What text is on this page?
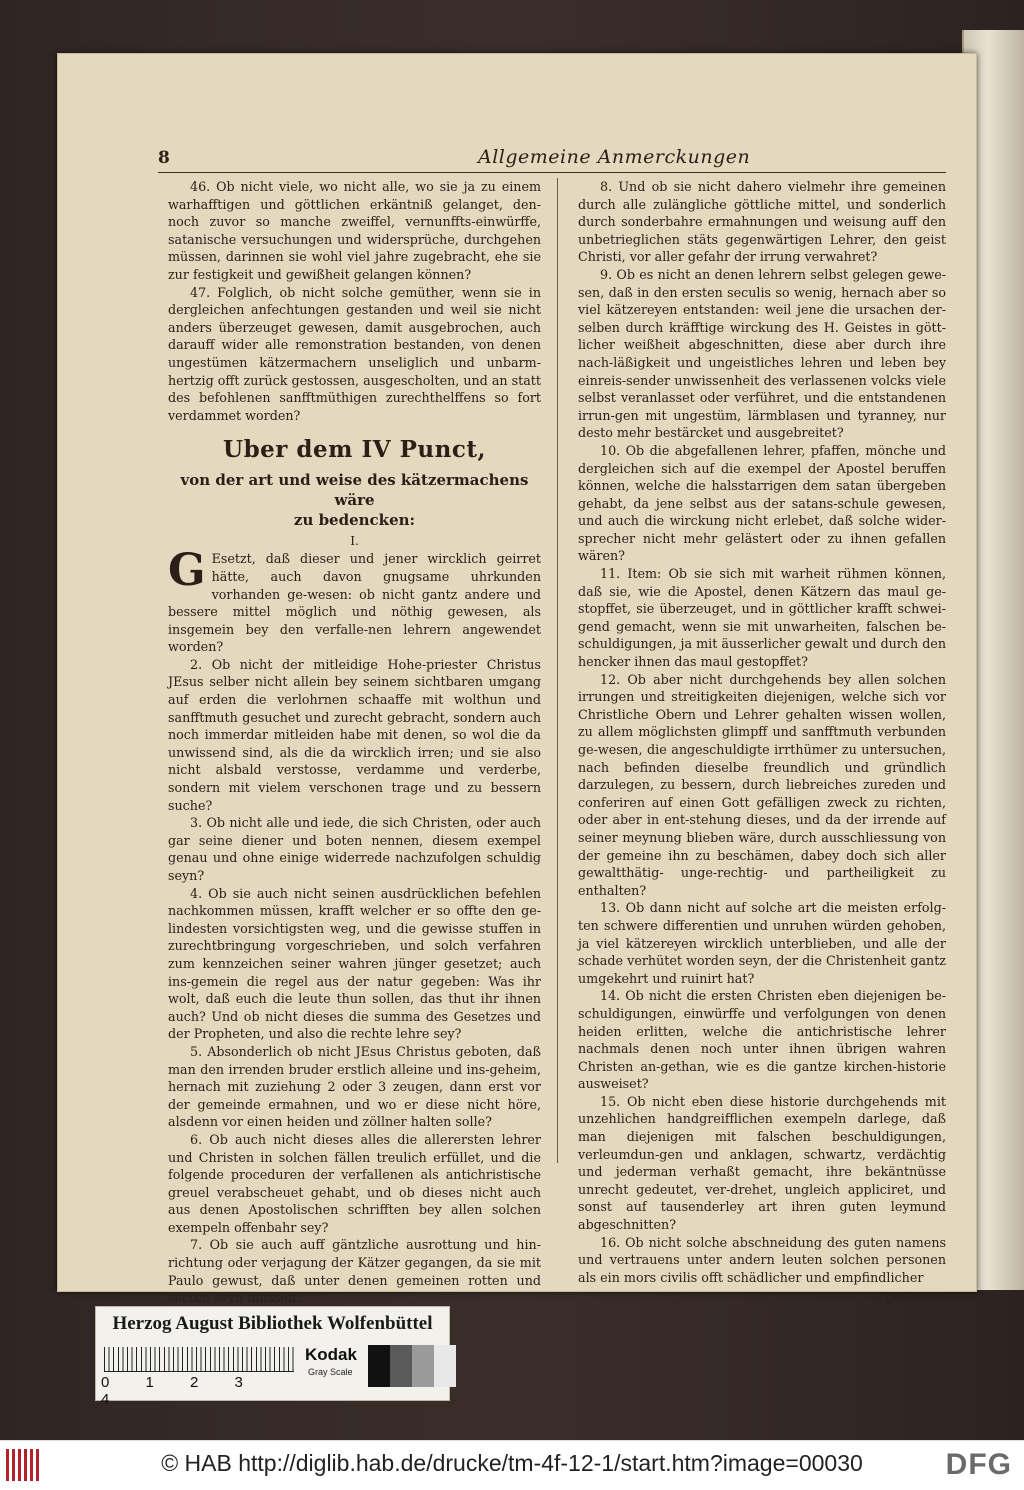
8	Allgemeine Anmerckungen

46. Ob nicht viele, wo nicht alle, wo sie ja zu einem warhafftigen und göttlichen erkäntniß gelanget, den-noch zuvor so manche zweiffel, vernunffts-einwürffe, satanische versuchungen und widersprüche, durchgehen müssen, darinnen sie wohl viel jahre zugebracht, ehe sie zur festigkeit und gewißheit gelangen können?

47. Folglich, ob nicht solche gemüther, wenn sie in dergleichen anfechtungen gestanden und weil sie nicht anders überzeuget gewesen, damit ausgebrochen, auch darauff wider alle remonstration bestanden, von denen ungestümen kätzermachern unseliglich und unbarm-hertzig offt zurück gestossen, ausgescholten, und an statt des befohlenen sanfftmüthigen zurechthelffens so fort verdammet worden?

Uber dem IV Punct,
von der art und weise des kätzermachens wäre
zu bedencken:
I.

G Esetzt, daß dieser und jener wircklich geirret hätte, auch davon gnugsame uhrkunden vorhanden ge-wesen: ob nicht gantz andere und bessere mittel möglich und nöthig gewesen, als insgemein bey den verfalle-nen lehrern angewendet worden?

2. Ob nicht der mitleidige Hohe-priester Christus JEsus selber nicht allein bey seinem sichtbaren umgang auf erden die verlohrnen schaaffe mit wolthun und sanfftmuth gesuchet und zurecht gebracht, sondern auch noch immerdar mitleiden habe mit denen, so wol die da unwissend sind, als die da wircklich irren; und sie also nicht alsbald verstosse, verdamme und verderbe, sondern mit vielem verschonen trage und zu bessern suche?

3. Ob nicht alle und iede, die sich Christen, oder auch gar seine diener und boten nennen, diesem exempel genau und ohne einige widerrede nachzufolgen schuldig seyn?

4. Ob sie auch nicht seinen ausdrücklichen befehlen nachkommen müssen, krafft welcher er so offte den ge-lindesten vorsichtigsten weg, und die gewisse stuffen in zurechtbringung vorgeschrieben, und solch verfahren zum kennzeichen seiner wahren jünger gesetzet; auch ins-gemein die regel aus der natur gegeben: Was ihr wolt, daß euch die leute thun sollen, das thut ihr ihnen auch? Und ob nicht dieses die summa des Gesetzes und der Propheten, und also die rechte lehre sey?

5. Absonderlich ob nicht JEsus Christus geboten, daß man den irrenden bruder erstlich alleine und ins-geheim, hernach mit zuziehung 2 oder 3 zeugen, dann erst vor der gemeinde ermahnen, und wo er diese nicht höre, alsdenn vor einen heiden und zöllner halten solle?

6. Ob auch nicht dieses alles die allerersten lehrer und Christen in solchen fällen treulich erfüllet, und die folgende proceduren der verfallenen als antichristische greuel verabscheuet gehabt, und ob dieses nicht auch aus denen Apostolischen schrifften bey allen solchen exempeln offenbahr sey?

7. Ob sie auch auff gäntzliche ausrottung und hin-richtung oder verjagung der Kätzer gegangen, da sie mit Paulo gewust, daß unter denen gemeinen rotten und secten seyn müssen?

8. Und ob sie nicht dahero vielmehr ihre gemeinen durch alle zulängliche göttliche mittel, und sonderlich durch sonderbahre ermahnungen und weisung auff den unbetrieglichen stäts gegenwärtigen Lehrer, den geist Christi, vor aller gefahr der irrung verwahret?

9. Ob es nicht an denen lehrern selbst gelegen gewe-sen, daß in den ersten seculis so wenig, hernach aber so viel kätzereyen entstanden: weil jene die ursachen der-selben durch kräfftige wirckung des H. Geistes in gött-licher weißheit abgeschnitten, diese aber durch ihre nach-läßigkeit und ungeistliches lehren und leben bey einreis-sender unwissenheit des verlassenen volcks viele selbst veranlasset oder verführet, und die entstandenen irrun-gen mit ungestüm, lärmblasen und tyranney, nur desto mehr bestärcket und ausgebreitet?

10. Ob die abgefallenen lehrer, pfaffen, mönche und dergleichen sich auf die exempel der Apostel beruffen können, welche die halsstarrigen dem satan übergeben gehabt, da jene selbst aus der satans-schule gewesen, und auch die wirckung nicht erlebet, daß solche wider-sprecher nicht mehr gelästert oder zu ihnen gefallen wären?

11. Item: Ob sie sich mit warheit rühmen können, daß sie, wie die Apostel, denen Kätzern das maul ge-stopffet, sie überzeuget, und in göttlicher krafft schwei-gend gemacht, wenn sie mit unwarheiten, falschen be-schuldigungen, ja mit äusserlicher gewalt und durch den hencker ihnen das maul gestopffet?

12. Ob aber nicht durchgehends bey allen solchen irrungen und streitigkeiten diejenigen, welche sich vor Christliche Obern und Lehrer gehalten wissen wollen, zu allem möglichsten glimpff und sanfftmuth verbunden ge-wesen, die angeschuldigte irrthümer zu untersuchen, nach befinden dieselbe freundlich und gründlich darzulegen, zu bessern, durch liebreiches zureden und conferiren auf einen Gott gefälligen zweck zu richten, oder aber in ent-stehung dieses, und da der irrende auf seiner meynung blieben wäre, durch ausschliessung von der gemeine ihn zu beschämen, dabey doch sich aller gewaltthätig- unge-rechtig- und partheiligkeit zu enthalten?

13. Ob dann nicht auf solche art die meisten erfolg-ten schwere differentien und unruhen würden gehoben, ja viel kätzereyen wircklich unterblieben, und alle der schade verhütet worden seyn, der die Christenheit gantz umgekehrt und ruinirt hat?

14. Ob nicht die ersten Christen eben diejenigen be-schuldigungen, einwürffe und verfolgungen von denen heiden erlitten, welche die antichristische lehrer nachmals denen noch unter ihnen übrigen wahren Christen an-gethan, wie es die gantze kirchen-historie ausweiset?

15. Ob nicht eben diese historie durchgehends mit unzehlichen handgreifflichen exempeln darlege, daß man diejenigen mit falschen beschuldigungen, verleumdun-gen und anklagen, schwartz, verdächtig und jederman verhaßt gemacht, ihre bekäntnüsse unrecht gedeutet, ver-drehet, ungleich appliciret, und sonst auf tausenderley art ihren guten leymund abgeschnitten?

16. Ob nicht solche abschneidung des guten namens und vertrauens unter andern leuten solchen personen als ein mors civilis offt schädlicher und empfindlicher

gewesen,
Herzog August Bibliothek Wolfenbüttel
0 1 2 34
Kodak
Gray Scale
© HAB http://diglib.hab.de/drucke/tm-4f-12-1/start.htm?image=00030	DFG
